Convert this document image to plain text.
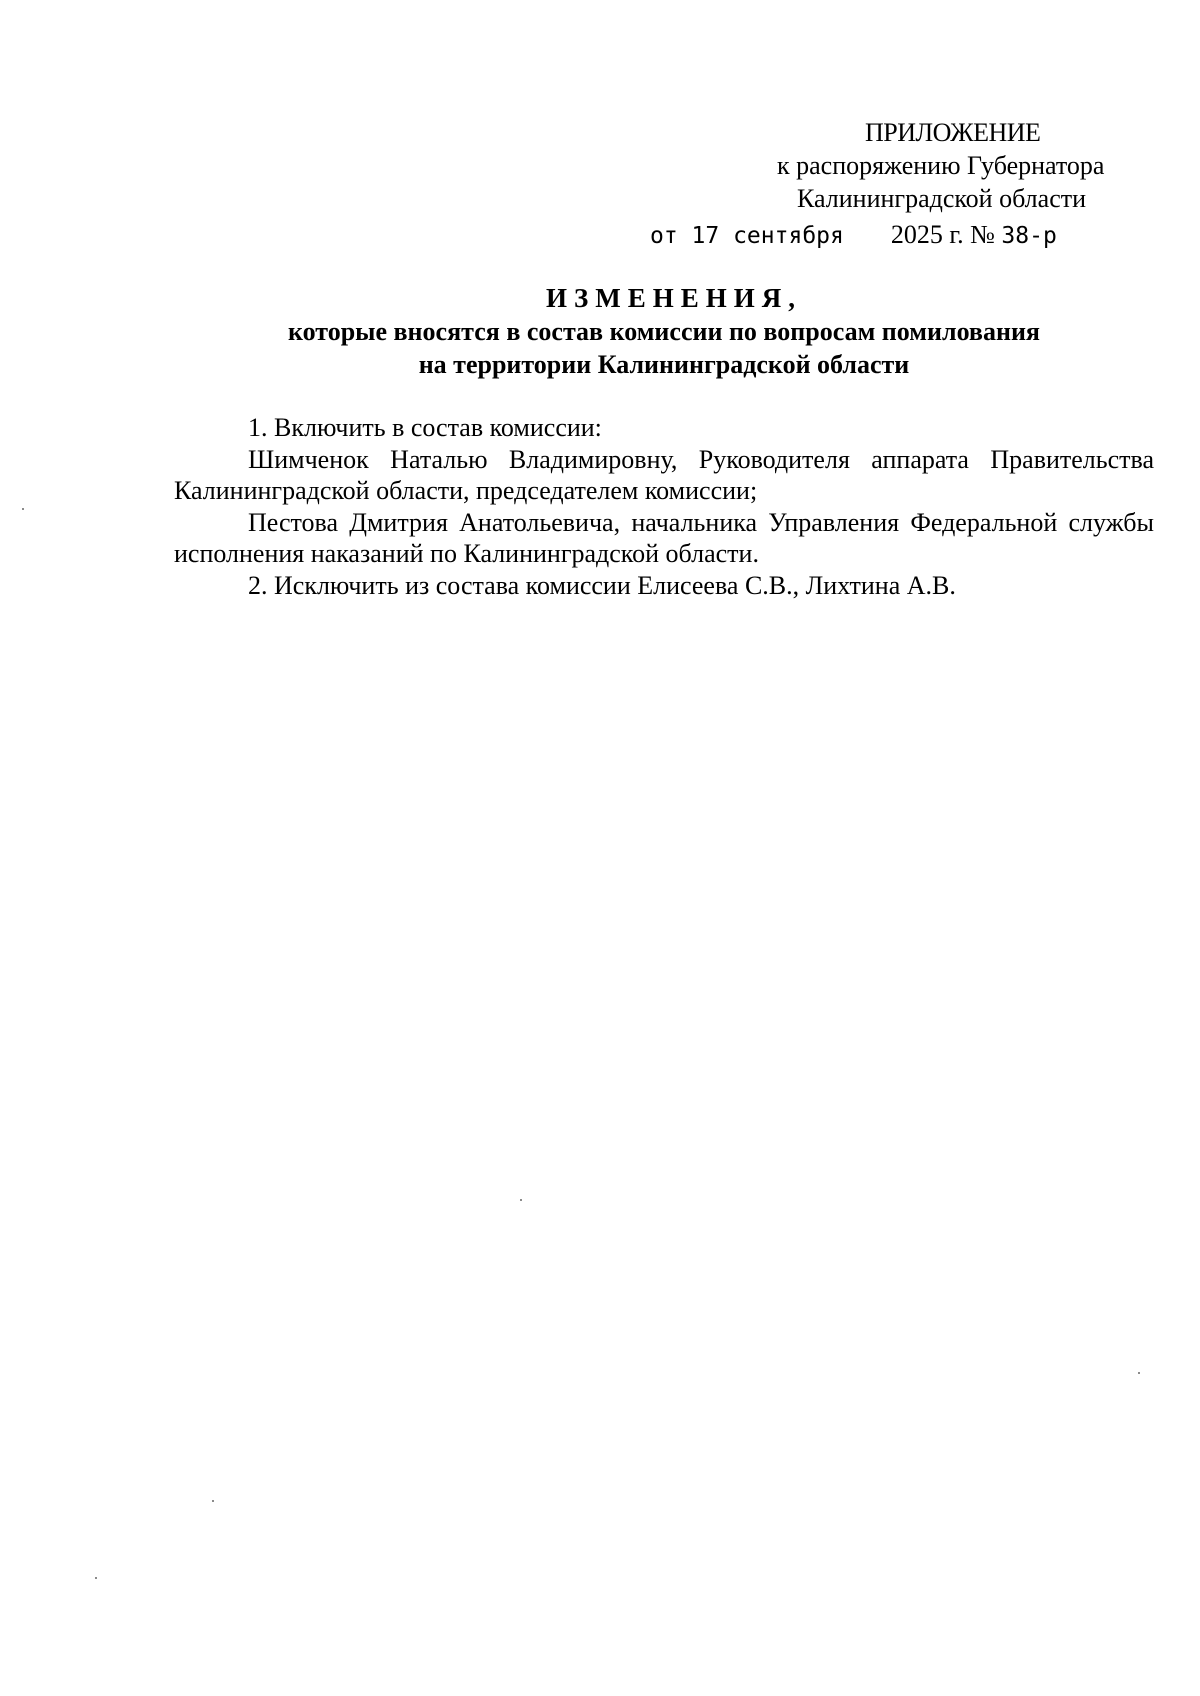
ПРИЛОЖЕНИЕ
к распоряжению Губернатора
Калининградской области
от 17 сентября 2025 г. № 38-р
ИЗМЕНЕНИЯ,
которые вносятся в состав комиссии по вопросам помилования
на территории Калининградской области

1. Включить в состав комиссии:

Шимченок Наталью Владимировну, Руководителя аппарата Правительства Калининградской области, председателем комиссии;

Пестова Дмитрия Анатольевича, начальника Управления Федеральной службы исполнения наказаний по Калининградской области.

2. Исключить из состава комиссии Елисеева С.В., Лихтина А.В.
